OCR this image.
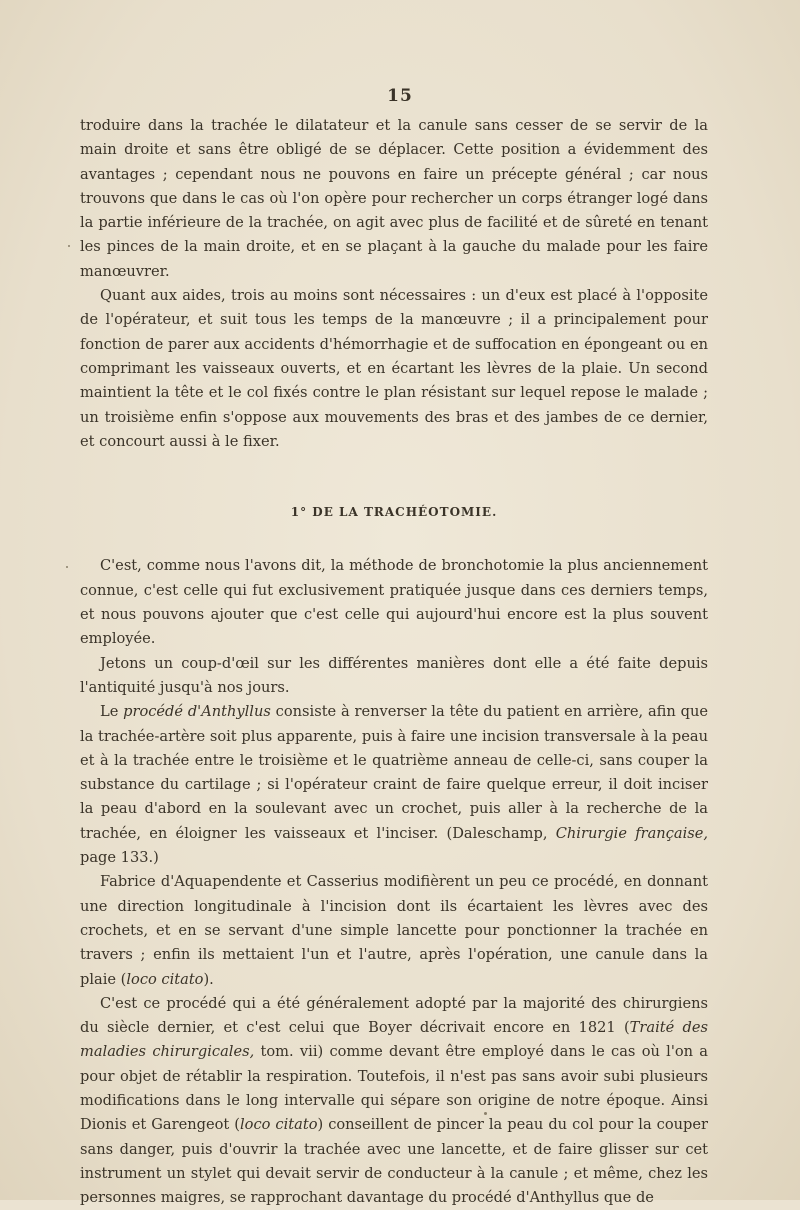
15

troduire dans la trachée le dilatateur et la canule sans cesser de se servir de la main droite et sans être obligé de se déplacer. Cette position a évidemment des avantages ; cependant nous ne pouvons en faire un précepte général ; car nous trouvons que dans le cas où l'on opère pour rechercher un corps étranger logé dans la partie inférieure de la trachée, on agit avec plus de facilité et de sûreté en tenant les pinces de la main droite, et en se plaçant à la gauche du malade pour les faire manœuvrer.

Quant aux aides, trois au moins sont nécessaires : un d'eux est placé à l'opposite de l'opérateur, et suit tous les temps de la manœuvre ; il a principalement pour fonction de parer aux accidents d'hémorrhagie et de suffocation en épongeant ou en comprimant les vaisseaux ouverts, et en écartant les lèvres de la plaie. Un second maintient la tête et le col fixés contre le plan résistant sur lequel repose le malade ; un troisième enfin s'oppose aux mouvements des bras et des jambes de ce dernier, et concourt aussi à le fixer.

1° DE LA TRACHÉOTOMIE.

C'est, comme nous l'avons dit, la méthode de bronchotomie la plus anciennement connue, c'est celle qui fut exclusivement pratiquée jusque dans ces derniers temps, et nous pouvons ajouter que c'est celle qui aujourd'hui encore est la plus souvent employée.

Jetons un coup-d'œil sur les différentes manières dont elle a été faite depuis l'antiquité jusqu'à nos jours.

Le procédé d'Anthyllus consiste à renverser la tête du patient en arrière, afin que la trachée-artère soit plus apparente, puis à faire une incision transversale à la peau et à la trachée entre le troisième et le quatrième anneau de celle-ci, sans couper la substance du cartilage ; si l'opérateur craint de faire quelque erreur, il doit inciser la peau d'abord en la soulevant avec un crochet, puis aller à la recherche de la trachée, en éloigner les vaisseaux et l'inciser. (Daleschamp, Chirurgie française, page 133.)

Fabrice d'Aquapendente et Casserius modifièrent un peu ce procédé, en donnant une direction longitudinale à l'incision dont ils écartaient les lèvres avec des crochets, et en se servant d'une simple lancette pour ponctionner la trachée en travers ; enfin ils mettaient l'un et l'autre, après l'opération, une canule dans la plaie (loco citato).

C'est ce procédé qui a été généralement adopté par la majorité des chirurgiens du siècle dernier, et c'est celui que Boyer décrivait encore en 1821 (Traité des maladies chirurgicales, tom. vii) comme devant être employé dans le cas où l'on a pour objet de rétablir la respiration. Toutefois, il n'est pas sans avoir subi plusieurs modifications dans le long intervalle qui sépare son origine de notre époque. Ainsi Dionis et Garengeot (loco citato) conseillent de pincer la peau du col pour la couper sans danger, puis d'ouvrir la trachée avec une lancette, et de faire glisser sur cet instrument un stylet qui devait servir de conducteur à la canule ; et même, chez les personnes maigres, se rapprochant davantage du procédé d'Anthyllus que de
